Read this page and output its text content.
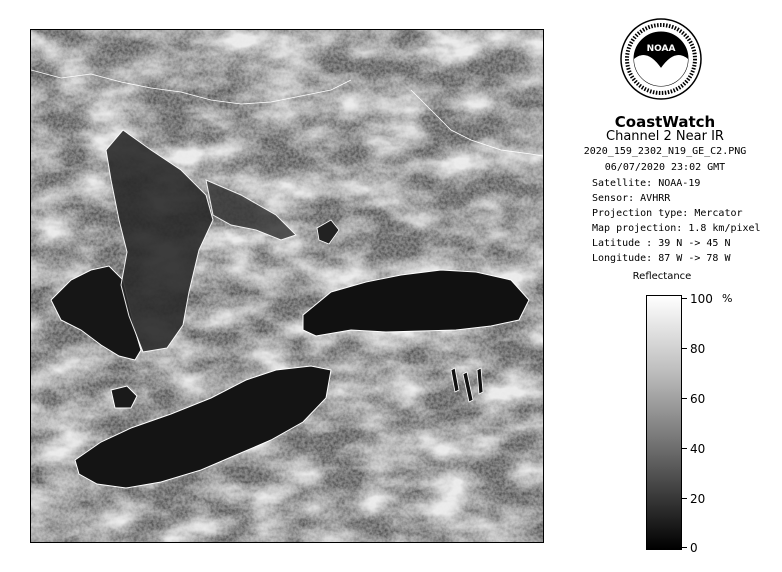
NOAA
CoastWatch
Channel 2 Near IR
2020_159_2302_N19_GE_C2.PNG
06/07/2020 23:02 GMT
Satellite: NOAA-19
Sensor: AVHRR
Projection type: Mercator
Map projection: 1.8 km/pixel
Latitude : 39 N -> 45 N
Longitude: 87 W -> 78 W
Reflectance
%
100
80
60
40
20
0
